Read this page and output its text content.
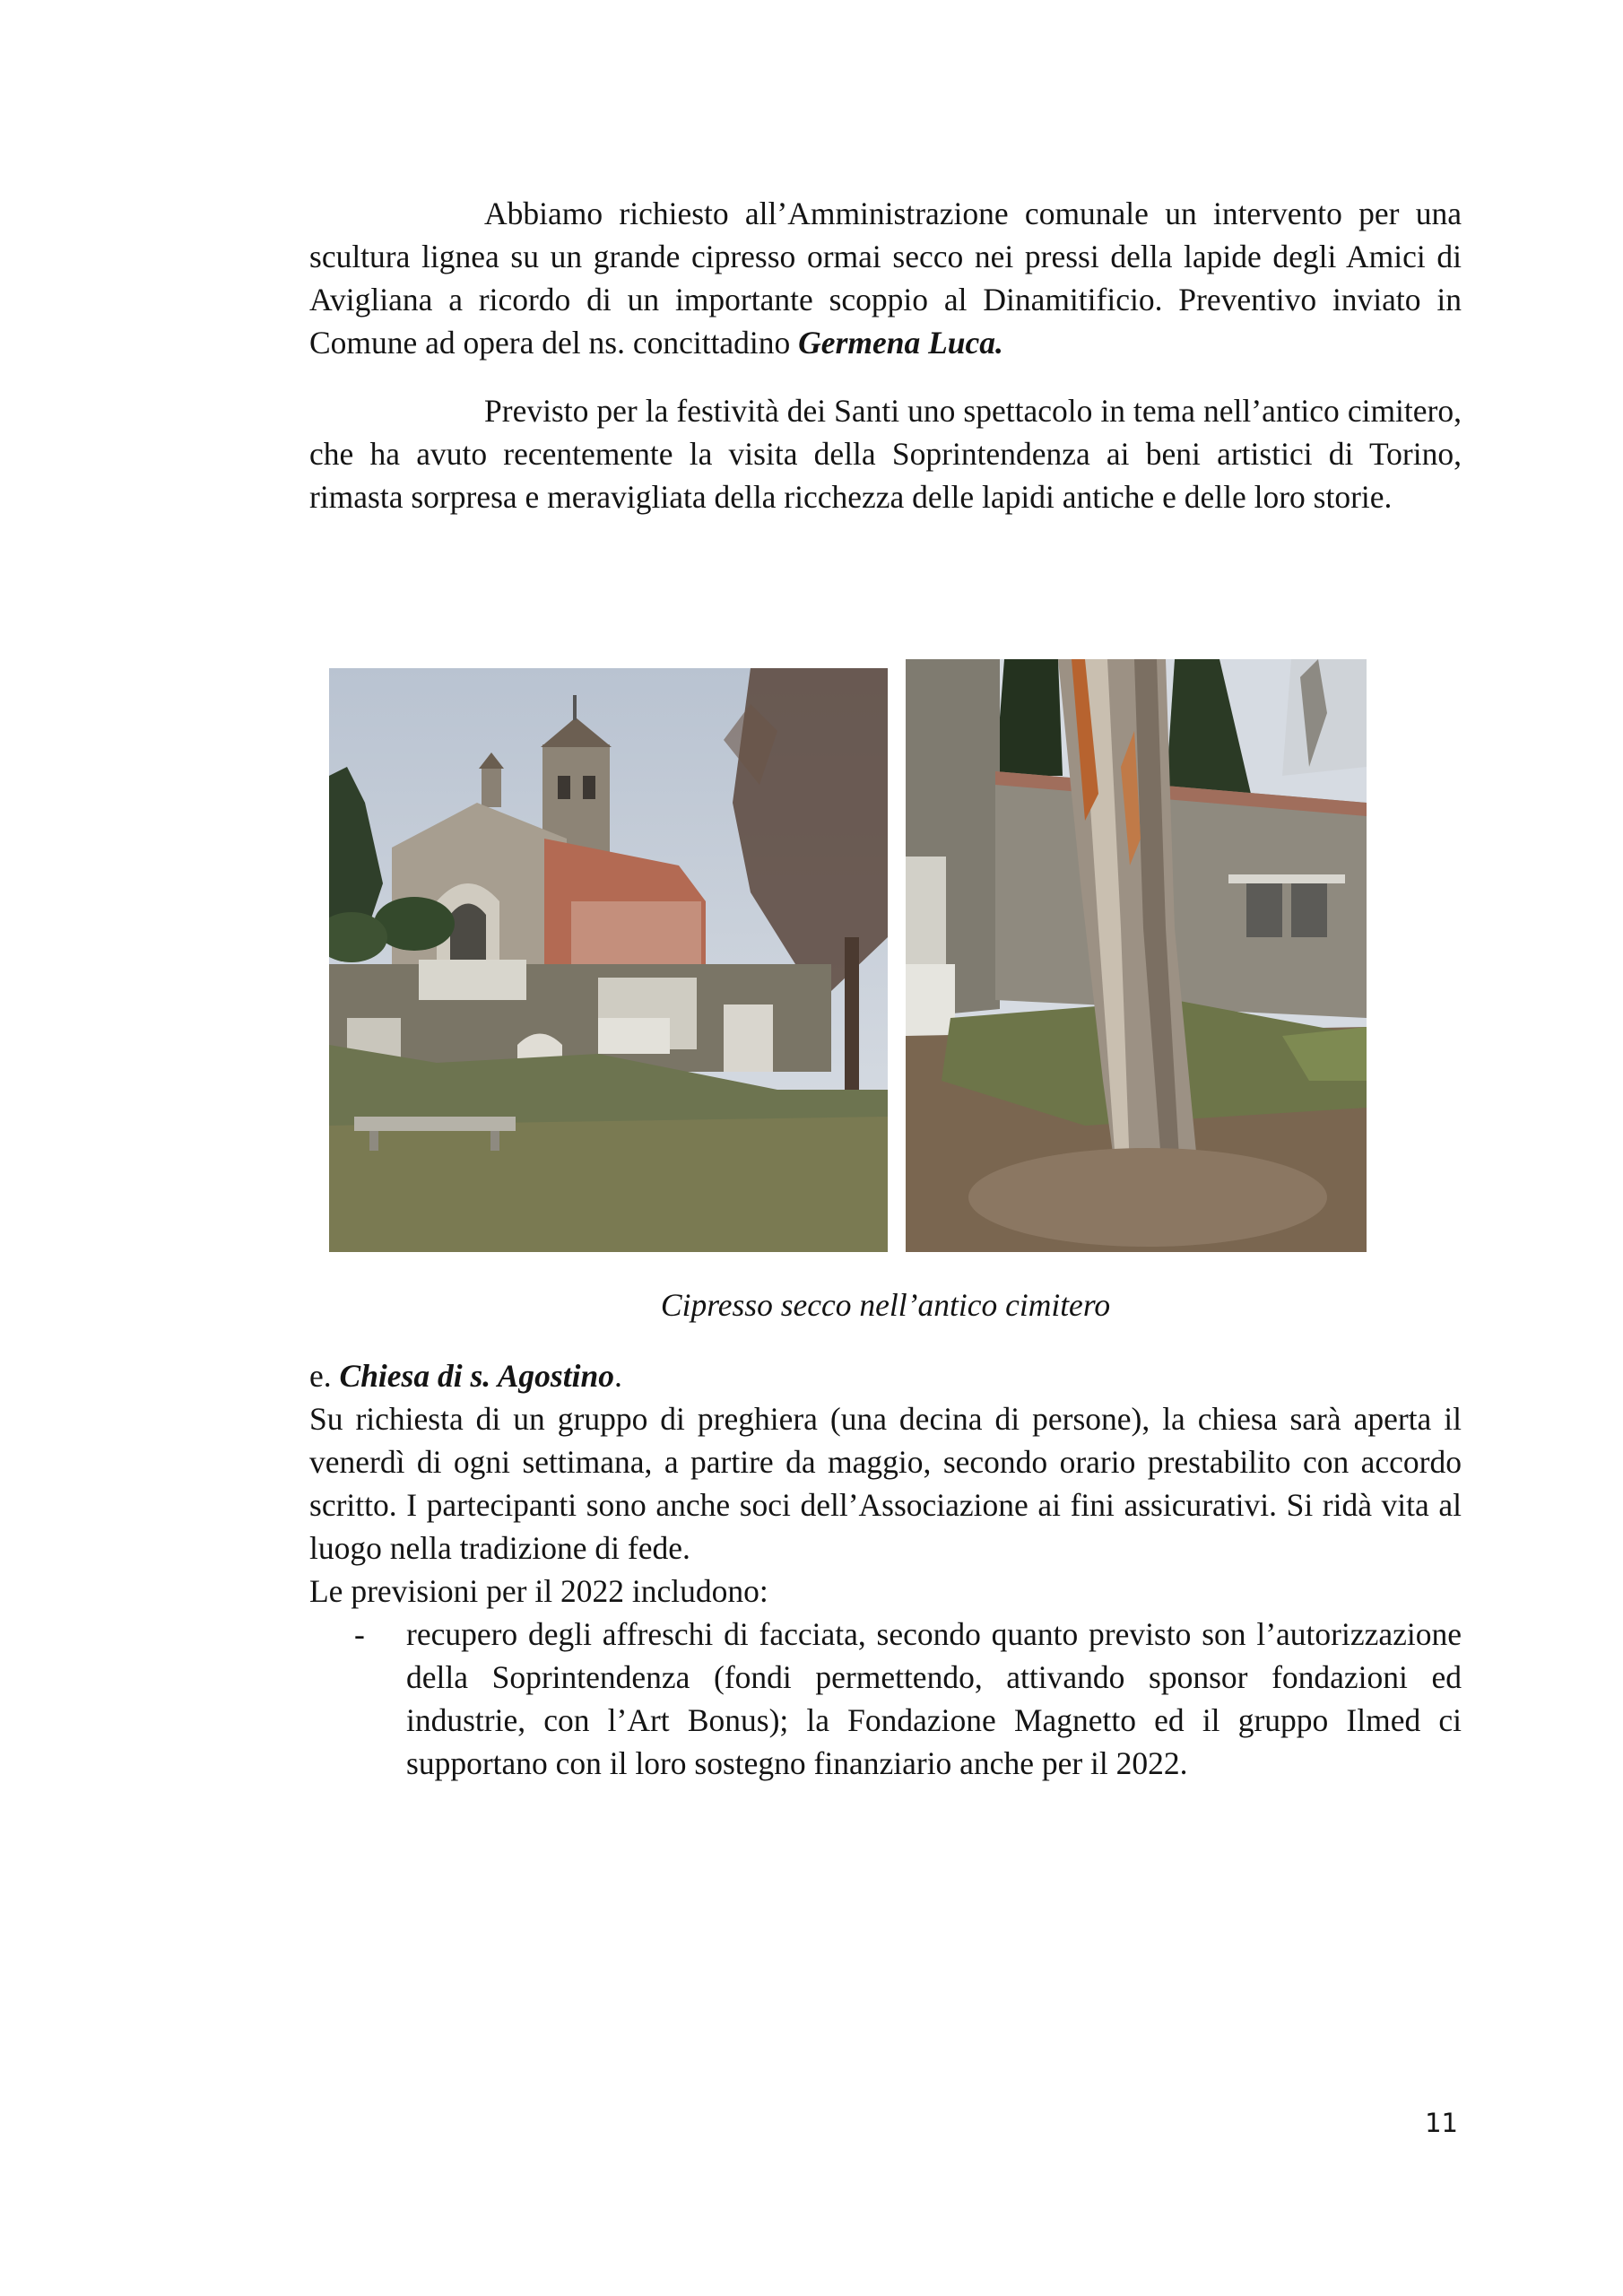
Abbiamo richiesto all’Amministrazione comunale un intervento per una scultura lignea su un grande cipresso ormai secco nei pressi della lapide degli Amici di Avigliana a ricordo di un importante scoppio al Dinamitificio. Preventivo inviato in Comune ad opera del ns. concittadino Germena Luca.

Previsto per la festività dei Santi uno spettacolo in tema nell’antico cimitero, che ha avuto recentemente la visita della Soprintendenza ai beni artistici di Torino, rimasta sorpresa e meravigliata della ricchezza delle lapidi antiche e delle loro storie.

Cipresso secco nell’antico cimitero

e. Chiesa di s. Agostino.

Su richiesta di un gruppo di preghiera (una decina di persone), la chiesa sarà aperta il venerdì di ogni settimana, a partire da maggio, secondo orario prestabilito con accordo scritto. I partecipanti sono anche soci dell’Associazione ai fini assicurativi. Si ridà vita al luogo nella tradizione di fede.

Le previsioni per il 2022 includono:

- recupero degli affreschi di facciata, secondo quanto previsto son l’autorizzazione della Soprintendenza (fondi permettendo, attivando sponsor fondazioni ed industrie, con l’Art Bonus); la Fondazione Magnetto ed il gruppo Ilmed ci supportano con il loro sostegno finanziario anche per il 2022.
11
